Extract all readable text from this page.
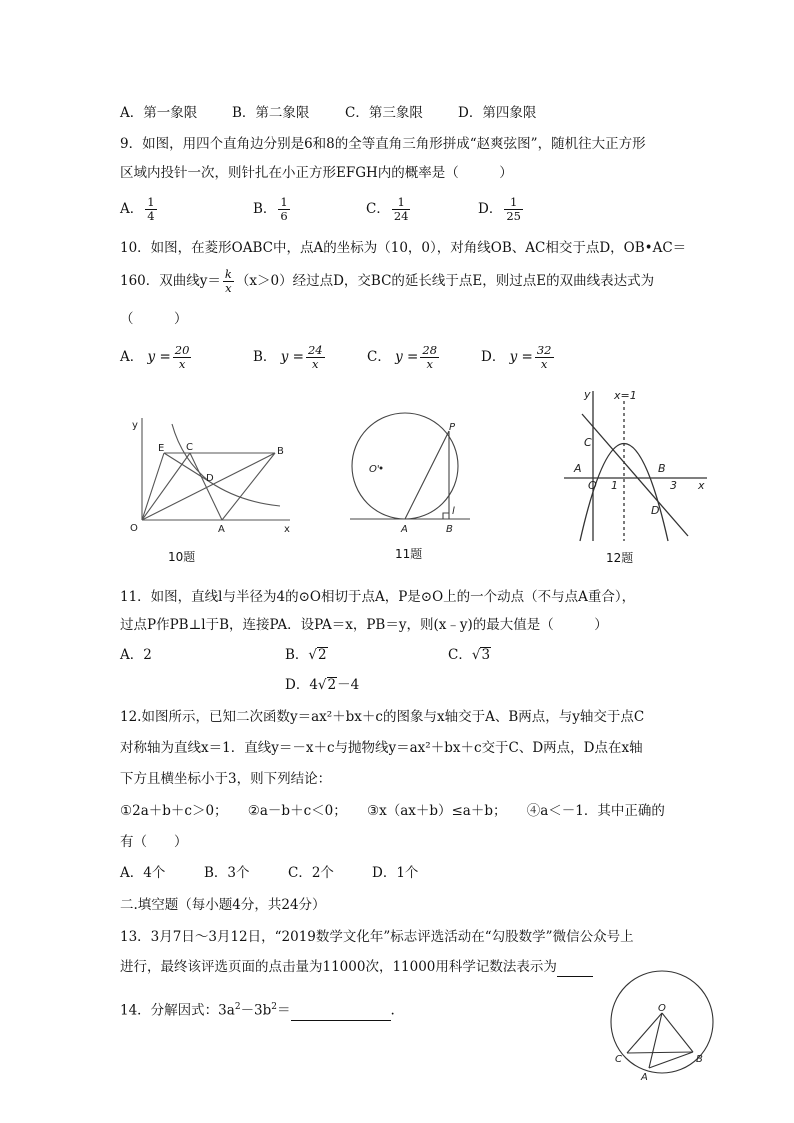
A．第一象限	B．第二象限	C．第三象限	D．第四象限
9．如图，用四个直角边分别是6和8的全等直角三角形拼成“赵爽弦图”，随机往大正方形
区域内投针一次，则针扎在小正方形EFGH内的概率是（　　　）
A． $\frac{1}{4}$	B． $\frac{1}{6}$	C． $\frac{1}{24}$	D． $\frac{1}{25}$
10．如图，在菱形OABC中，点A的坐标为（10，0），对角线OB、AC相交于点D，OB•AC＝
160．双曲线$y= \frac{k}{x} (x>0)$经过点D，交BC的延长线于点E，则过点E的双曲线表达式为
（　　　）
A． $y = \frac{20}{x}$	B． $y = \frac{24}{x}$	C． $y = \frac{28}{x}$	D． $y = \frac{32}{x}$
y
x
O
E C	B
D
A
10题
P
O'
A	B
l
11题
y x=1
C
A
O 1
B
3 x
D
12题
11．如图，直线l与半径为4的⊙O相切于点A，P是⊙O上的一个动点（不与点A重合），
过点P作PB⊥l于B，连接PA．设PA＝x，PB＝y，则(x﹣y)的最大值是（　　　）
A．2	B．√2	C．√3
D．4√2－4
12.如图所示，已知二次函数y＝ax²＋bx＋c的图象与x轴交于A、B两点，与y轴交于点C
对称轴为直线x＝1．直线y＝－x＋c与抛物线y＝ax²＋bx＋c交于C、D两点，D点在x轴
下方且横坐标小于3，则下列结论：
①2a＋b＋c＞0；　　②a－b＋c＜0；　　③x（ax＋b）≤a＋b；　　④a＜－1．其中正确的
有（　　）
A．4个	B．3个	C．2个	D．1个
二.填空题（每小题4分，共24分）
13．3月7日～3月12日，“2019数学文化年”标志评选活动在“勾股数学”微信公众号上
进行，最终该评选页面的点击量为11000次，11000用科学记数法表示为
14．分解因式：$3a^2-3b^2=$	.	O
C
A
B
